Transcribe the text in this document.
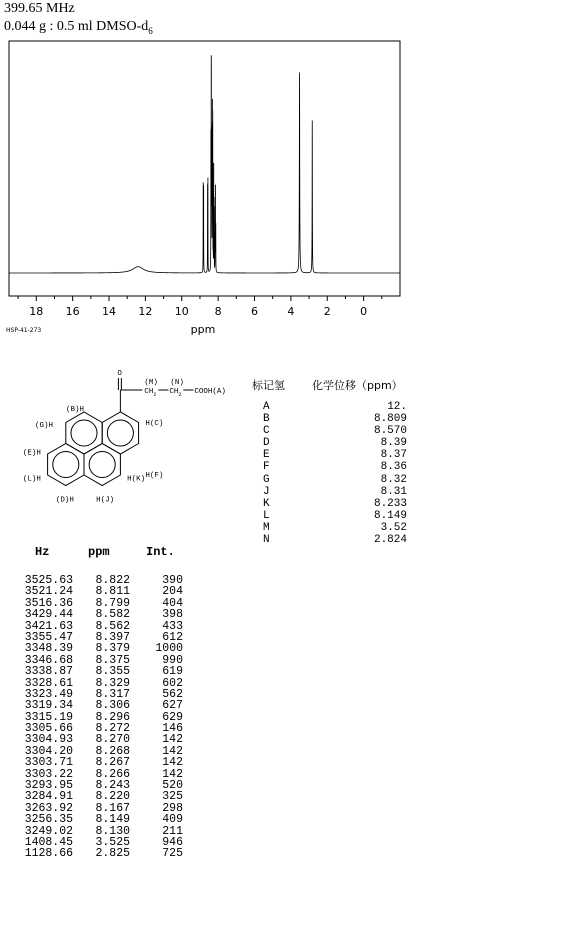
399.65 MHz
0.044 g : 0.5 ml DMSO-$d_6$
18 16 14 12 10 8	6	4	2	0
ppm
HSP-41-273
O
CH 2 CH 2 COOH(A)
(M) (N)
(B)H
H(C)
(G)H
H(F)
(E)H
(L)H	H(K)
(D)H	H(J)
标记氢	化学位移（ppm）
A	12.
B	8.809
C	8.570
D	8.39
E	8.37
F	8.36
G	8.32
J	8.31
K	8.233
L	8.149
M	3.52
N	2.824
Hz	ppm	Int.
3525.63	8.822	390
3521.24	8.811	204
3516.36	8.799	404
3429.44	8.582	398
3421.63	8.562	433
3355.47	8.397	612
3348.39	8.379	1000
3346.68	8.375	990
3338.87	8.355	619
3328.61	8.329	602
3323.49	8.317	562
3319.34	8.306	627
3315.19	8.296	629
3305.66	8.272	146
3304.93	8.270	142
3304.20	8.268	142
3303.71	8.267	142
3303.22	8.266	142
3293.95	8.243	520
3284.91	8.220	325
3263.92	8.167	298
3256.35	8.149	409
3249.02	8.130	211
1408.45	3.525	946
1128.66	2.825	725
